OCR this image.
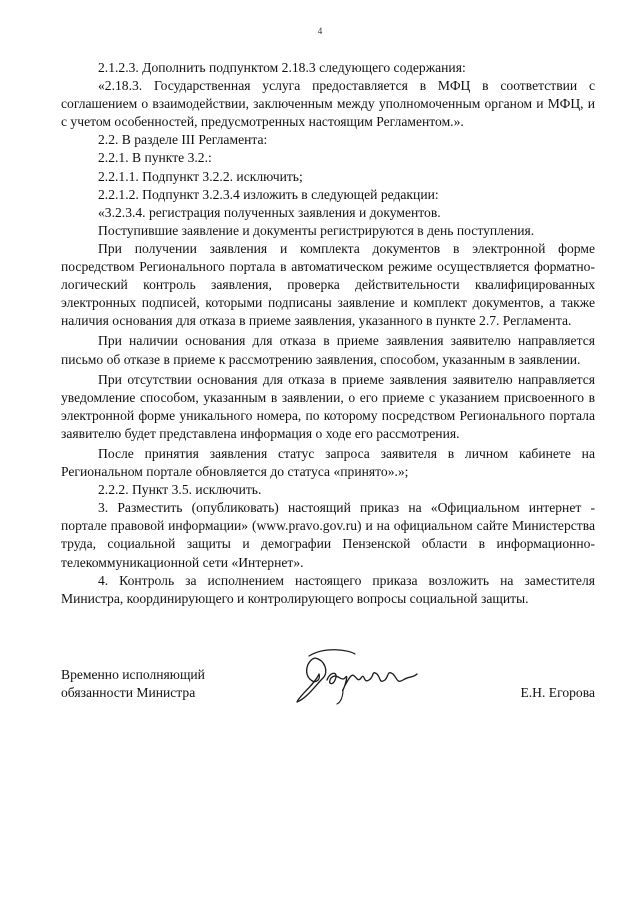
4

2.1.2.3. Дополнить подпунктом 2.18.3 следующего содержания:

«2.18.3. Государственная услуга предоставляется в МФЦ в соответствии с соглашением о взаимодействии, заключенным между уполномоченным органом и МФЦ, и с учетом особенностей, предусмотренных настоящим Регламентом.».

2.2. В разделе III Регламента:

2.2.1. В пункте 3.2.:

2.2.1.1. Подпункт 3.2.2. исключить;

2.2.1.2. Подпункт 3.2.3.4 изложить в следующей редакции:

«3.2.3.4. регистрация полученных заявления и документов.

Поступившие заявление и документы регистрируются в день поступления.

При получении заявления и комплекта документов в электронной форме посредством Регионального портала в автоматическом режиме осуществляется форматно-логический контроль заявления, проверка действительности квалифицированных электронных подписей, которыми подписаны заявление и комплект документов, а также наличия основания для отказа в приеме заявления, указанного в пункте 2.7. Регламента.

При наличии основания для отказа в приеме заявления заявителю направляется письмо об отказе в приеме к рассмотрению заявления, способом, указанным в заявлении.

При отсутствии основания для отказа в приеме заявления заявителю направляется уведомление способом, указанным в заявлении, о его приеме с указанием присвоенного в электронной форме уникального номера, по которому посредством Регионального портала заявителю будет представлена информация о ходе его рассмотрения.

После принятия заявления статус запроса заявителя в личном кабинете на Региональном портале обновляется до статуса «принято».»;

2.2.2. Пункт 3.5. исключить.

3. Разместить (опубликовать) настоящий приказ на «Официальном интернет - портале правовой информации» (www.pravo.gov.ru) и на официальном сайте Министерства труда, социальной защиты и демографии Пензенской области в информационно-телекоммуникационной сети «Интернет».

4. Контроль за исполнением настоящего приказа возложить на заместителя Министра, координирующего и контролирующего вопросы социальной защиты.

Временно исполняющий
обязанности Министра	Е.Н. Егорова
